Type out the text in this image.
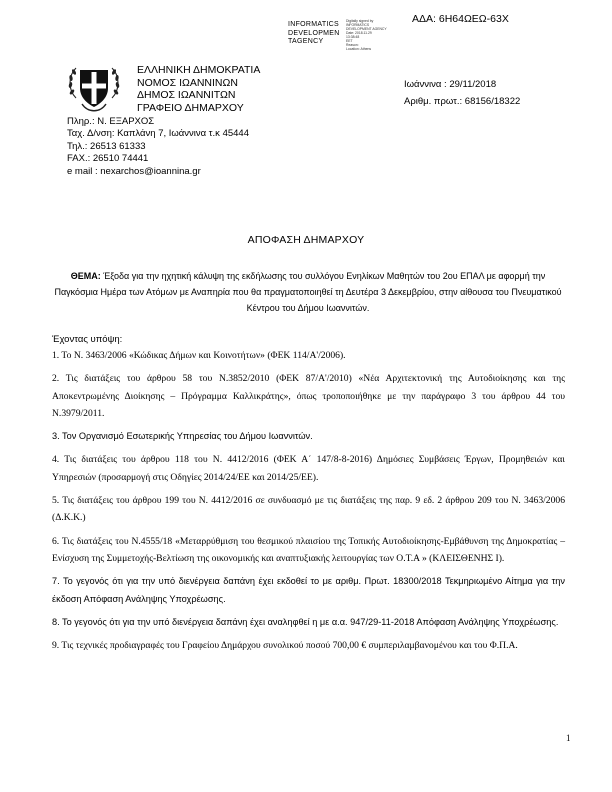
ΑΔΑ: 6Η64ΩΕΩ-63Χ
INFORMATICS
DEVELOPMEN
TAGENCY
Digitally signed by
INFORMATICS
DEVELOPMENT AGENCY
Date: 2018.11.29
13:38:48
EET
Reason:
Location: Athens
ΕΛΛΗΝΙΚΗ ΔΗΜΟΚΡΑΤΙΑ
ΝΟΜΟΣ ΙΩΑΝΝΙΝΩΝ
ΔΗΜΟΣ ΙΩΑΝΝΙΤΩΝ
ΓΡΑΦΕΙΟ ΔΗΜΑΡΧΟΥ
Ιωάννινα : 29/11/2018
Αριθμ. πρωτ.: 68156/18322
Πληρ.: Ν. ΕΞΑΡΧΟΣ
Ταχ. Δ/νση: Καπλάνη 7, Ιωάννινα τ.κ 45444
Τηλ.: 26513 61333
FAX.: 26510 74441
e mail : nexarchos@ioannina.gr
ΑΠΟΦΑΣΗ ΔΗΜΑΡΧΟΥ
ΘΕΜΑ: Έξοδα για την ηχητική κάλυψη της εκδήλωσης του συλλόγου Ενηλίκων Μαθητών του 2ου ΕΠΑΛ με αφορμή την Παγκόσμια Ημέρα των Ατόμων με Αναπηρία που θα πραγματοποιηθεί τη Δευτέρα 3 Δεκεμβρίου, στην αίθουσα του Πνευματικού Κέντρου του Δήμου Ιωαννιτών.
Έχοντας υπόψη:

1. Το Ν. 3463/2006 «Κώδικας Δήμων και Κοινοτήτων» (ΦΕΚ 114/Α'/2006).

2. Τις διατάξεις του άρθρου 58 του Ν.3852/2010 (ΦΕΚ 87/Α'/2010) «Νέα Αρχιτεκτονική της Αυτοδιοίκησης και της Αποκεντρωμένης Διοίκησης – Πρόγραμμα Καλλικράτης», όπως τροποποιήθηκε με την παράγραφο 3 του άρθρου 44 του Ν.3979/2011.

3. Τον Οργανισμό Εσωτερικής Υπηρεσίας του Δήμου Ιωαννιτών.

4. Τις διατάξεις του άρθρου 118 του Ν. 4412/2016 (ΦΕΚ Α΄ 147/8-8-2016) Δημόσιες Συμβάσεις Έργων, Προμηθειών και Υπηρεσιών (προσαρμογή στις Οδηγίες 2014/24/ΕΕ και 2014/25/ΕΕ).

5. Τις διατάξεις του άρθρου 199 του Ν. 4412/2016 σε συνδυασμό με τις διατάξεις της παρ. 9 εδ. 2 άρθρου 209 του Ν. 3463/2006 (Δ.Κ.Κ.)

6. Τις διατάξεις του Ν.4555/18 «Μεταρρύθμιση του θεσμικού πλαισίου της Τοπικής Αυτοδιοίκησης-Εμβάθυνση της Δημοκρατίας –Ενίσχυση της Συμμετοχής-Βελτίωση της οικονομικής και αναπτυξιακής λειτουργίας των Ο.Τ.Α » (ΚΛΕΙΣΘΕΝΗΣ Ι).

7. Το γεγονός ότι για την υπό διενέργεια δαπάνη έχει εκδοθεί το με αριθμ. Πρωτ. 18300/2018 Τεκμηριωμένο Αίτημα για την έκδοση Απόφαση Ανάληψης Υποχρέωσης.

8. Το γεγονός ότι για την υπό διενέργεια δαπάνη έχει αναληφθεί η με α.α. 947/29-11-2018 Απόφαση Ανάληψης Υποχρέωσης.

9. Τις τεχνικές προδιαγραφές του Γραφείου Δημάρχου συνολικού ποσού 700,00 € συμπεριλαμβανομένου και του Φ.Π.Α.

1
